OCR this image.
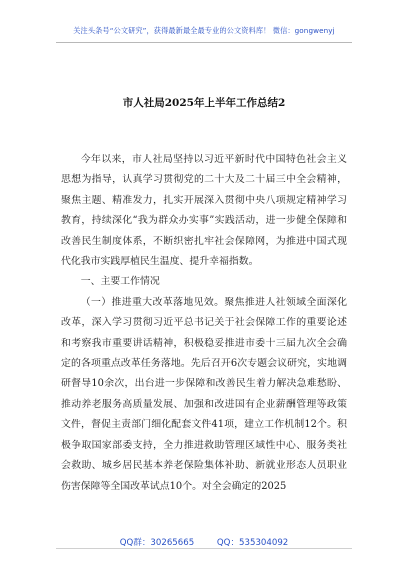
关注头条号“公文研究”，获得最新最全最专业的公文资料库！ 微信：gongwenyj
市人社局2025年上半年工作总结2

今年以来，市人社局坚持以习近平新时代中国特色社会主义思想为指导，认真学习贯彻党的二十大及二十届三中全会精神，聚焦主题、精准发力，扎实开展深入贯彻中央八项规定精神学习教育，持续深化“我为群众办实事”实践活动，进一步健全保障和改善民生制度体系，不断织密扎牢社会保障网，为推进中国式现代化我市实践厚植民生温度、提升幸福指数。

一、主要工作情况

（一）推进重大改革落地见效。聚焦推进人社领域全面深化改革，深入学习贯彻习近平总书记关于社会保障工作的重要论述和考察我市重要讲话精神，积极稳妥推进市委十三届九次全会确定的各项重点改革任务落地。先后召开6次专题会议研究，实地调研督导10余次，出台进一步保障和改善民生着力解决急难愁盼、推动养老服务高质量发展、加强和改进国有企业薪酬管理等政策文件，督促主责部门细化配套文件41项，建立工作机制12个。积极争取国家部委支持，全力推进救助管理区域性中心、服务类社会救助、城乡居民基本养老保险集体补助、新就业形态人员职业伤害保障等全国改革试点10个。对全会确定的2025

QQ群：30265665	QQ：535304092
